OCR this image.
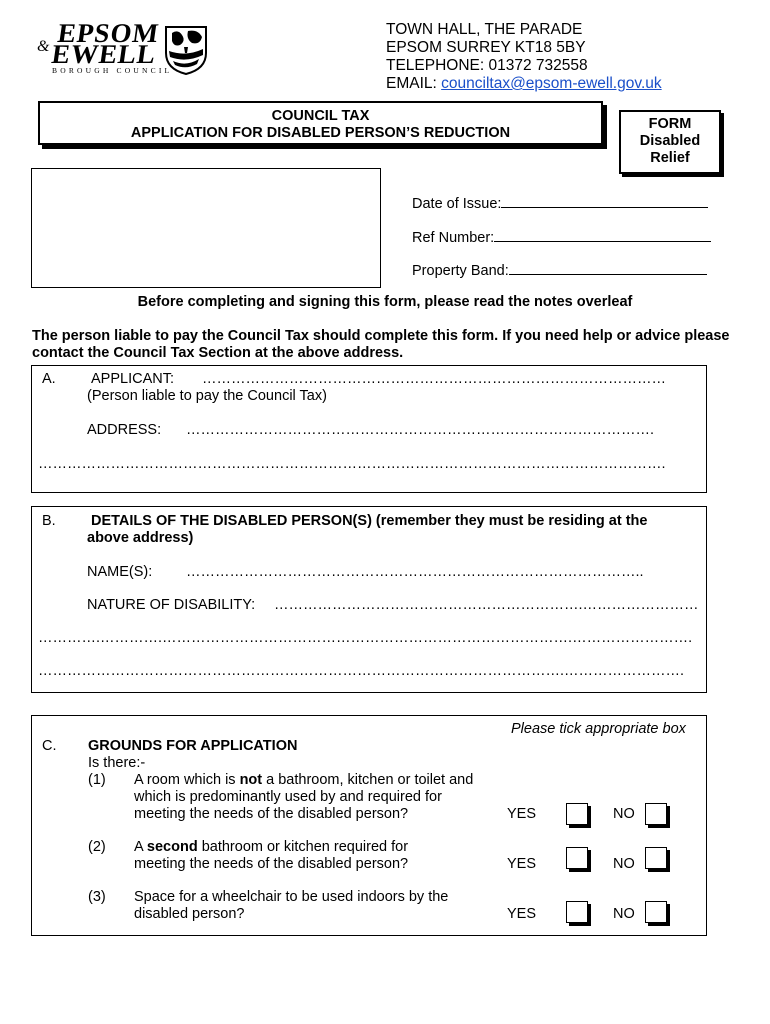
EPSOM
& EWELL
BOROUGH COUNCIL
TOWN HALL, THE PARADE
EPSOM SURREY KT18 5BY
TELEPHONE: 01372 732558
EMAIL: counciltax@epsom-ewell.gov.uk
COUNCIL TAX
APPLICATION FOR DISABLED PERSON’S REDUCTION
FORM
Disabled
Relief
Date of Issue:
Ref Number:
Property Band:
Before completing and signing this form, please read the notes overleaf
The person liable to pay the Council Tax should complete this form. If you need help or advice please contact the Council Tax Section at the above address.
A. APPLICANT: ……………………………………………………………………………………
(Person liable to pay the Council Tax)
ADDRESS: …………………………………………………………………………………….
………………………………………………………………………………………………………………….
B. DETAILS OF THE DISABLED PERSON(S) (remember they must be residing at the
above address)
NAME(S): …………………………………………………………………………………..
NATURE OF DISABILITY: ……………………………………………………….……………………
………….………….………………………………………………………………………….…………………….
……………………………………………………………………………………………….…………………….
Please tick appropriate box
C. GROUNDS FOR APPLICATION
Is there:-
(1) A room which is not a bathroom, kitchen or toilet and
which is predominantly used by and required for
meeting the needs of the disabled person?	YES	NO
(2) A second bathroom or kitchen required for
meeting the needs of the disabled person?	YES	NO
(3) Space for a wheelchair to be used indoors by the
disabled person?	YES	NO
